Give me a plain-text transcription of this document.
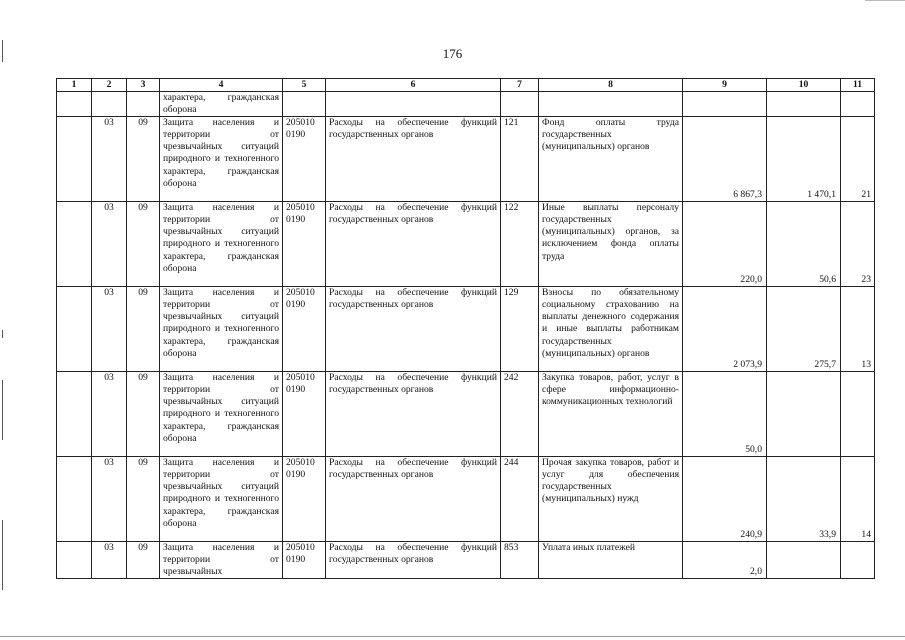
176
1	2	3	4	5	6	7	8	9	10	11
			характера, гражданская оборона							
	03	09	Защита населения и территории от чрезвычайных ситуаций природного и техногенного характера, гражданская оборона	205010 0190	Расходы на обеспечение функций государственных органов	121	Фонд оплаты труда государственных (муниципальных) органов	6 867,3	1 470,1	21
	03	09	Защита населения и территории от чрезвычайных ситуаций природного и техногенного характера, гражданская оборона	205010 0190	Расходы на обеспечение функций государственных органов	122	Иные выплаты персоналу государственных (муниципальных) органов, за исключением фонда оплаты труда	220,0	50,6	23
	03	09	Защита населения и территории от чрезвычайных ситуаций природного и техногенного характера, гражданская оборона	205010 0190	Расходы на обеспечение функций государственных органов	129	Взносы по обязательному социальному страхованию на выплаты денежного содержания и иные выплаты работникам государственных (муниципальных) органов	2 073,9	275,7	13
	03	09	Защита населения и территории от чрезвычайных ситуаций природного и техногенного характера, гражданская оборона	205010 0190	Расходы на обеспечение функций государственных органов	242	Закупка товаров, работ, услуг в сфере информационно-коммуникационных технологий	50,0		
	03	09	Защита населения и территории от чрезвычайных ситуаций природного и техногенного характера, гражданская оборона	205010 0190	Расходы на обеспечение функций государственных органов	244	Прочая закупка товаров, работ и услуг для обеспечения государственных (муниципальных) нужд	240,9	33,9	14
	03	09	Защита населения и территории от чрезвычайных	205010 0190	Расходы на обеспечение функций государственных органов	853	Уплата иных платежей	2,0		
